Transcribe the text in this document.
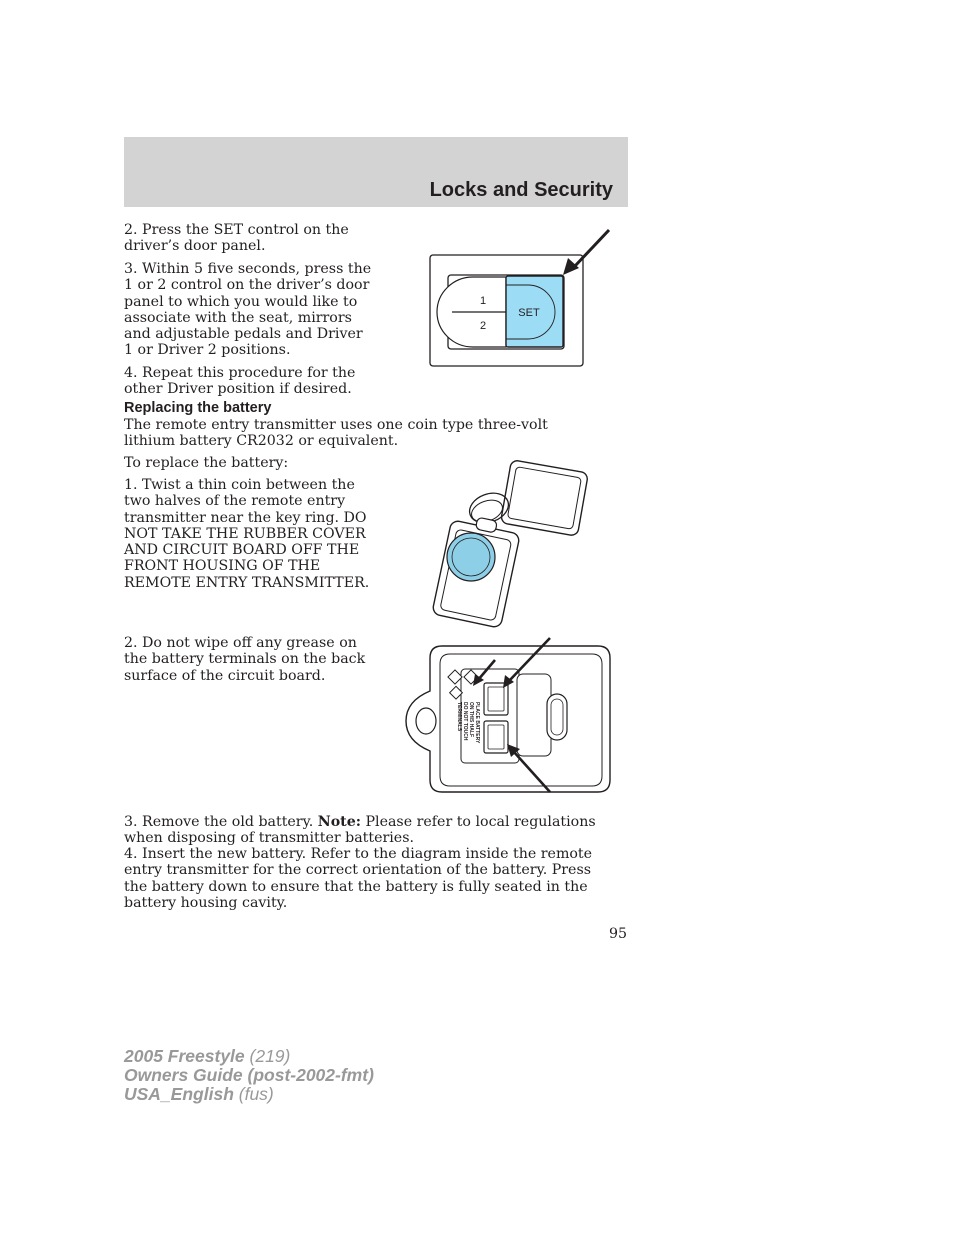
Locks and Security

2. Press the SET control on the driver’s door panel.

3. Within 5 five seconds, press the 1 or 2 control on the driver’s door panel to which you would like to associate with the seat, mirrors and adjustable pedals and Driver 1 or Driver 2 positions.

4. Repeat this procedure for the other Driver position if desired.

1
2
SET
Replacing the battery

The remote entry transmitter uses one coin type three-volt lithium battery CR2032 or equivalent.

To replace the battery:

1. Twist a thin coin between the two halves of the remote entry transmitter near the key ring. DO NOT TAKE THE RUBBER COVER AND CIRCUIT BOARD OFF THE FRONT HOUSING OF THE REMOTE ENTRY TRANSMITTER.

2. Do not wipe off any grease on the battery terminals on the back surface of the circuit board.

PLACE BATTERY
ON THIS HALF
DO NOT TOUCH
TERMINALS

3. Remove the old battery. Note: Please refer to local regulations when disposing of transmitter batteries.

4. Insert the new battery. Refer to the diagram inside the remote entry transmitter for the correct orientation of the battery. Press the battery down to ensure that the battery is fully seated in the battery housing cavity.

95
2005 Freestyle (219)
Owners Guide (post-2002-fmt)
USA_English (fus)
